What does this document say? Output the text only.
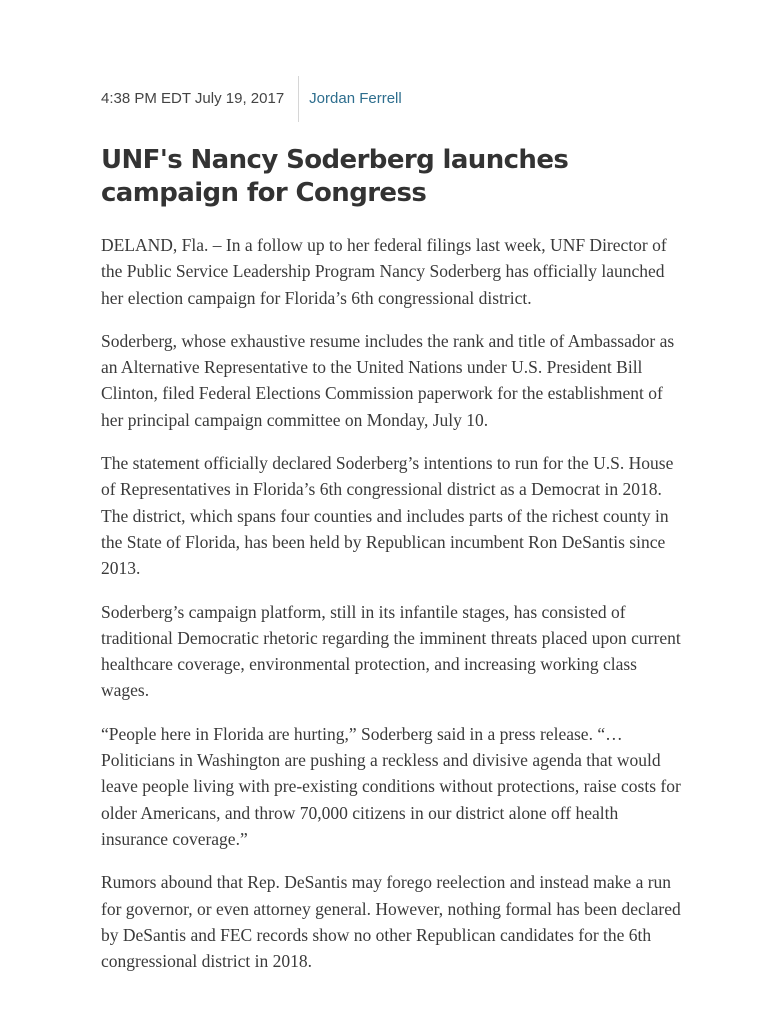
4:38 PM EDT July 19, 2017	Jordan Ferrell
UNF's Nancy Soderberg launches campaign for Congress

DELAND, Fla. – In a follow up to her federal filings last week, UNF Director of the Public Service Leadership Program Nancy Soderberg has officially launched her election campaign for Florida’s 6th congressional district.

Soderberg, whose exhaustive resume includes the rank and title of Ambassador as an Alternative Representative to the United Nations under U.S. President Bill Clinton, filed Federal Elections Commission paperwork for the establishment of her principal campaign committee on Monday, July 10.

The statement officially declared Soderberg’s intentions to run for the U.S. House of Representatives in Florida’s 6th congressional district as a Democrat in 2018. The district, which spans four counties and includes parts of the richest county in the State of Florida, has been held by Republican incumbent Ron DeSantis since 2013.

Soderberg’s campaign platform, still in its infantile stages, has consisted of traditional Democratic rhetoric regarding the imminent threats placed upon current healthcare coverage, environmental protection, and increasing working class wages.

“People here in Florida are hurting,” Soderberg said in a press release. “… Politicians in Washington are pushing a reckless and divisive agenda that would leave people living with pre-existing conditions without protections, raise costs for older Americans, and throw 70,000 citizens in our district alone off health insurance coverage.”

Rumors abound that Rep. DeSantis may forego reelection and instead make a run for governor, or even attorney general. However, nothing formal has been declared by DeSantis and FEC records show no other Republican candidates for the 6th congressional district in 2018.
